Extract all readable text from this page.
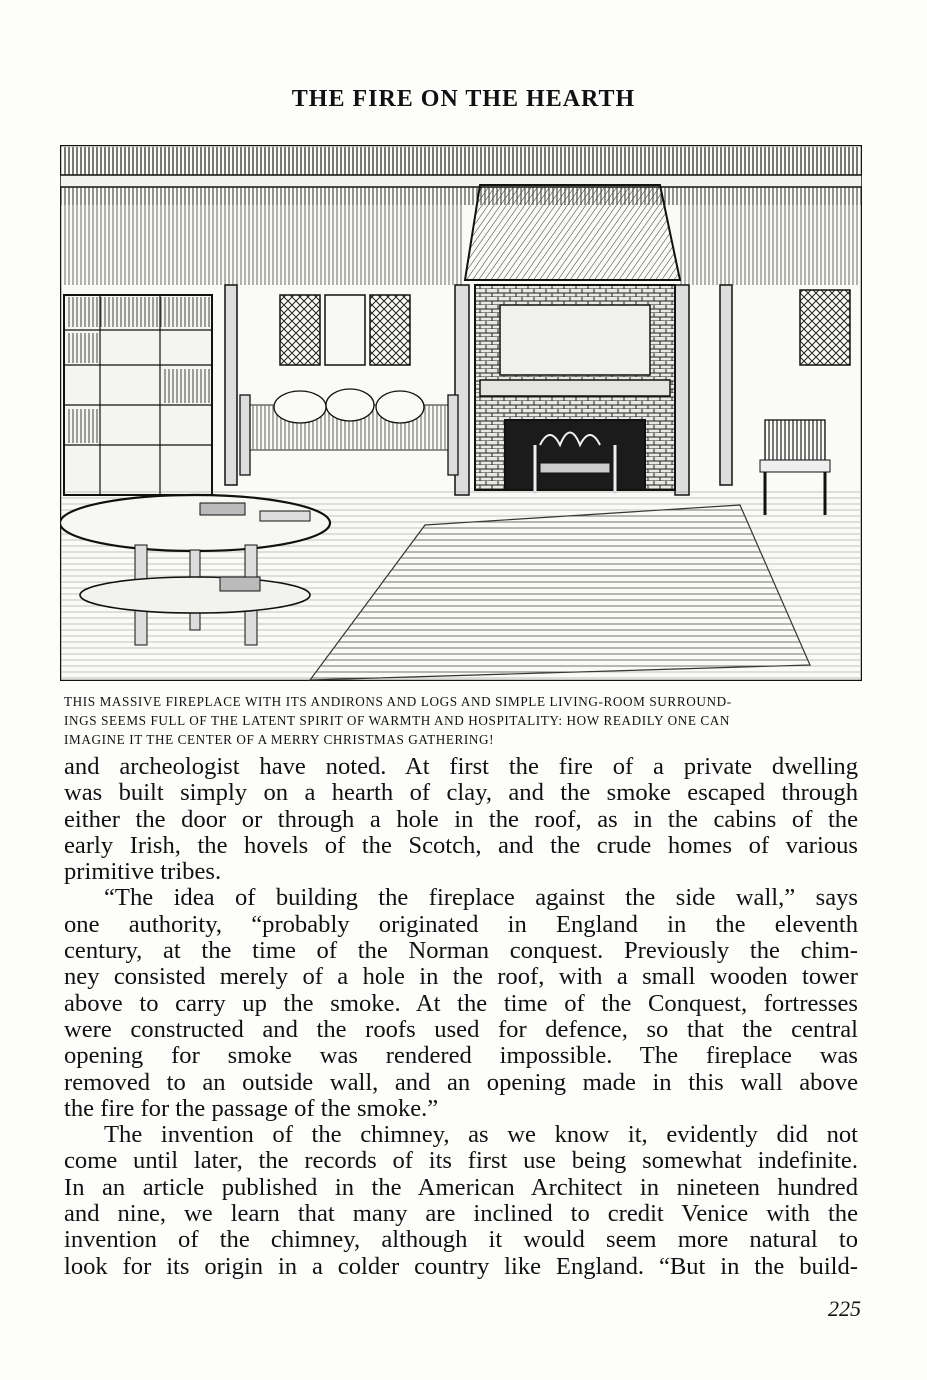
THE FIRE ON THE HEARTH
THIS MASSIVE FIREPLACE WITH ITS ANDIRONS AND LOGS AND SIMPLE LIVING-ROOM SURROUND-
INGS SEEMS FULL OF THE LATENT SPIRIT OF WARMTH AND HOSPITALITY: HOW READILY ONE CAN
IMAGINE IT THE CENTER OF A MERRY CHRISTMAS GATHERING!
and archeologist have noted. At first the fire of a private dwelling
was built simply on a hearth of clay, and the smoke escaped through
either the door or through a hole in the roof, as in the cabins of the
early Irish, the hovels of the Scotch, and the crude homes of various
primitive tribes.
“The idea of building the fireplace against the side wall,” says
one authority, “probably originated in England in the eleventh
century, at the time of the Norman conquest. Previously the chim-
ney consisted merely of a hole in the roof, with a small wooden tower
above to carry up the smoke. At the time of the Conquest, fortresses
were constructed and the roofs used for defence, so that the central
opening for smoke was rendered impossible. The fireplace was
removed to an outside wall, and an opening made in this wall above
the fire for the passage of the smoke.”
The invention of the chimney, as we know it, evidently did not
come until later, the records of its first use being somewhat indefinite.
In an article published in the American Architect in nineteen hundred
and nine, we learn that many are inclined to credit Venice with the
invention of the chimney, although it would seem more natural to
look for its origin in a colder country like England. “But in the build-
225
